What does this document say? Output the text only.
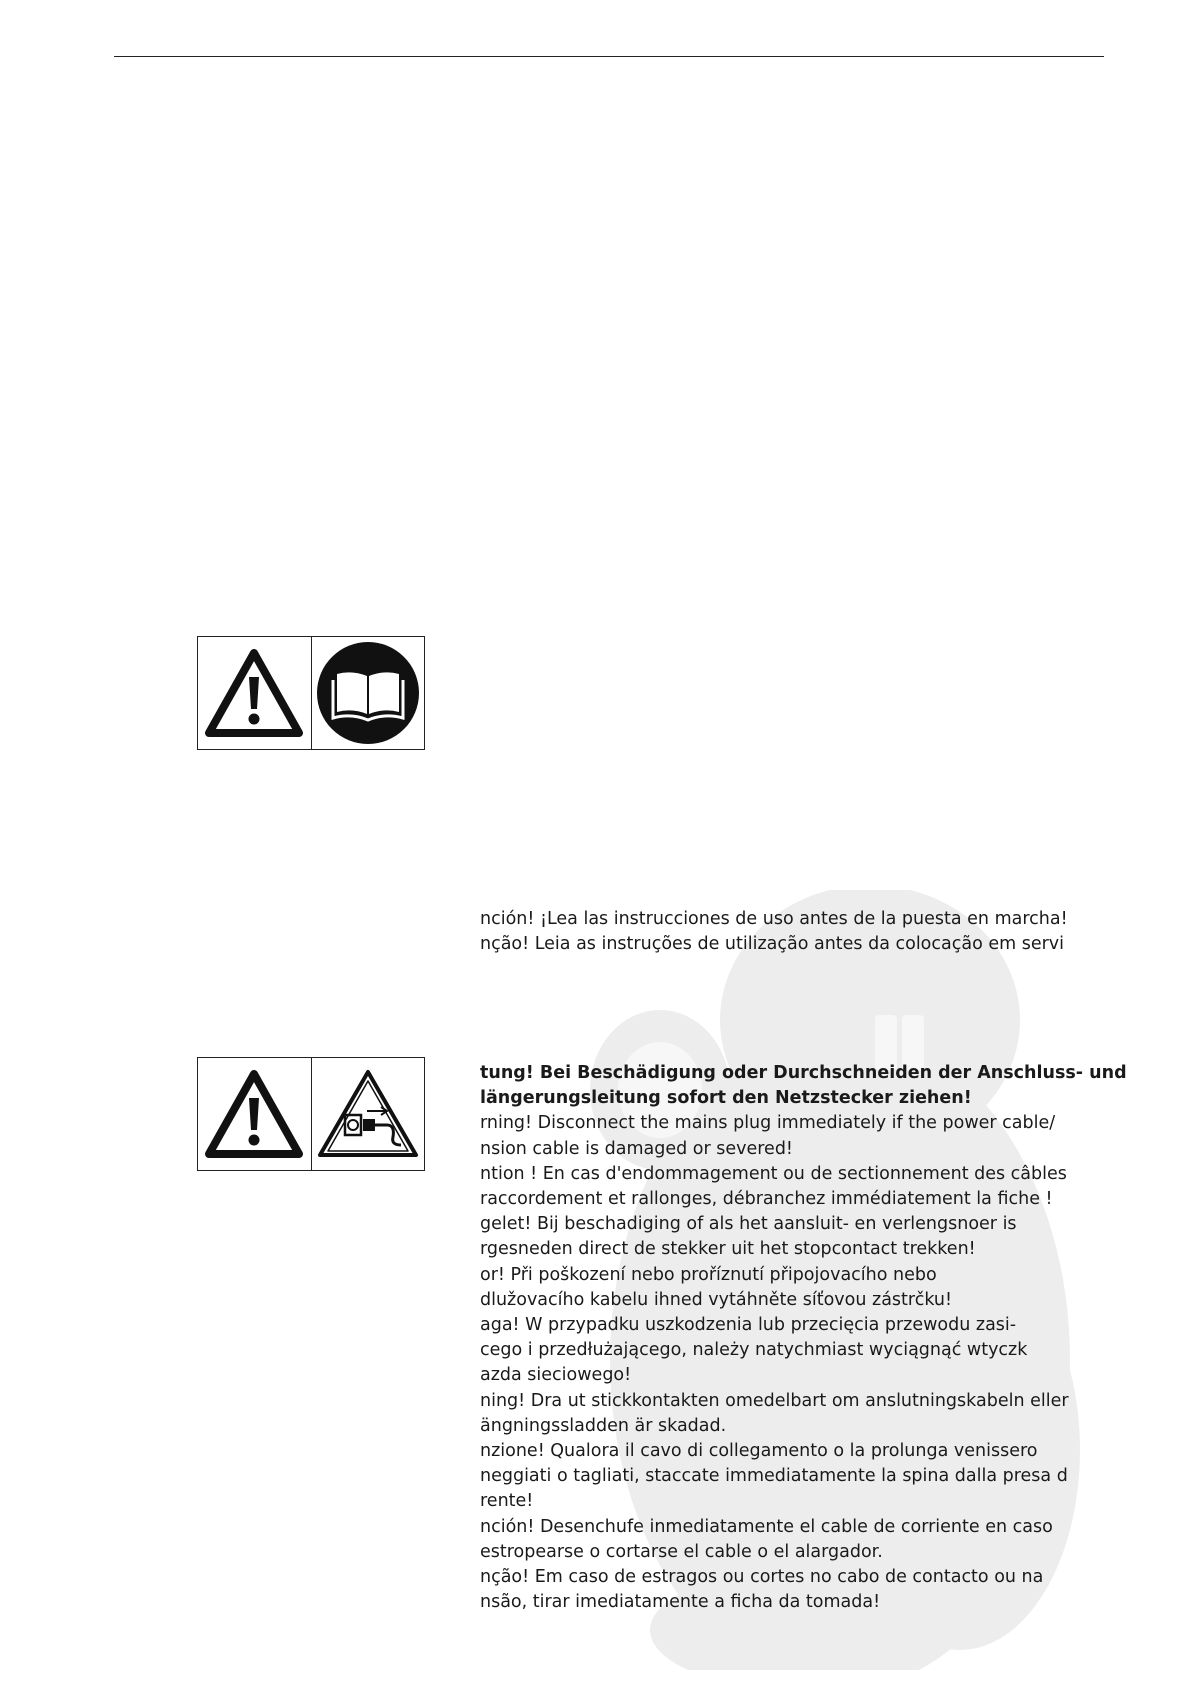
nción! ¡Lea las instrucciones de uso antes de la puesta en marcha!
nção! Leia as instruções de utilização antes da colocação em servi
tung! Bei Beschädigung oder Durchschneiden der Anschluss- und
längerungsleitung sofort den Netzstecker ziehen!
rning! Disconnect the mains plug immediately if the power cable/
nsion cable is damaged or severed!
ntion ! En cas d'endommagement ou de sectionnement des câbles
raccordement et rallonges, débranchez immédiatement la fiche !
gelet! Bij beschadiging of als het aansluit- en verlengsnoer is
rgesneden direct de stekker uit het stopcontact trekken!
or! Při poškození nebo proříznutí připojovacího nebo
dlužovacího kabelu ihned vytáhněte síťovou zástrčku!
aga! W przypadku uszkodzenia lub przecięcia przewodu zasi-
cego i przedłużającego, należy natychmiast wyciągnąć wtyczk
azda sieciowego!
ning! Dra ut stickkontakten omedelbart om anslutningskabeln eller
ängningssladden är skadad.
nzione! Qualora il cavo di collegamento o la prolunga venissero
neggiati o tagliati, staccate immediatamente la spina dalla presa d
rente!
nción! Desenchufe inmediatamente el cable de corriente en caso
estropearse o cortarse el cable o el alargador.
nção! Em caso de estragos ou cortes no cabo de contacto ou na
nsão, tirar imediatamente a ficha da tomada!
